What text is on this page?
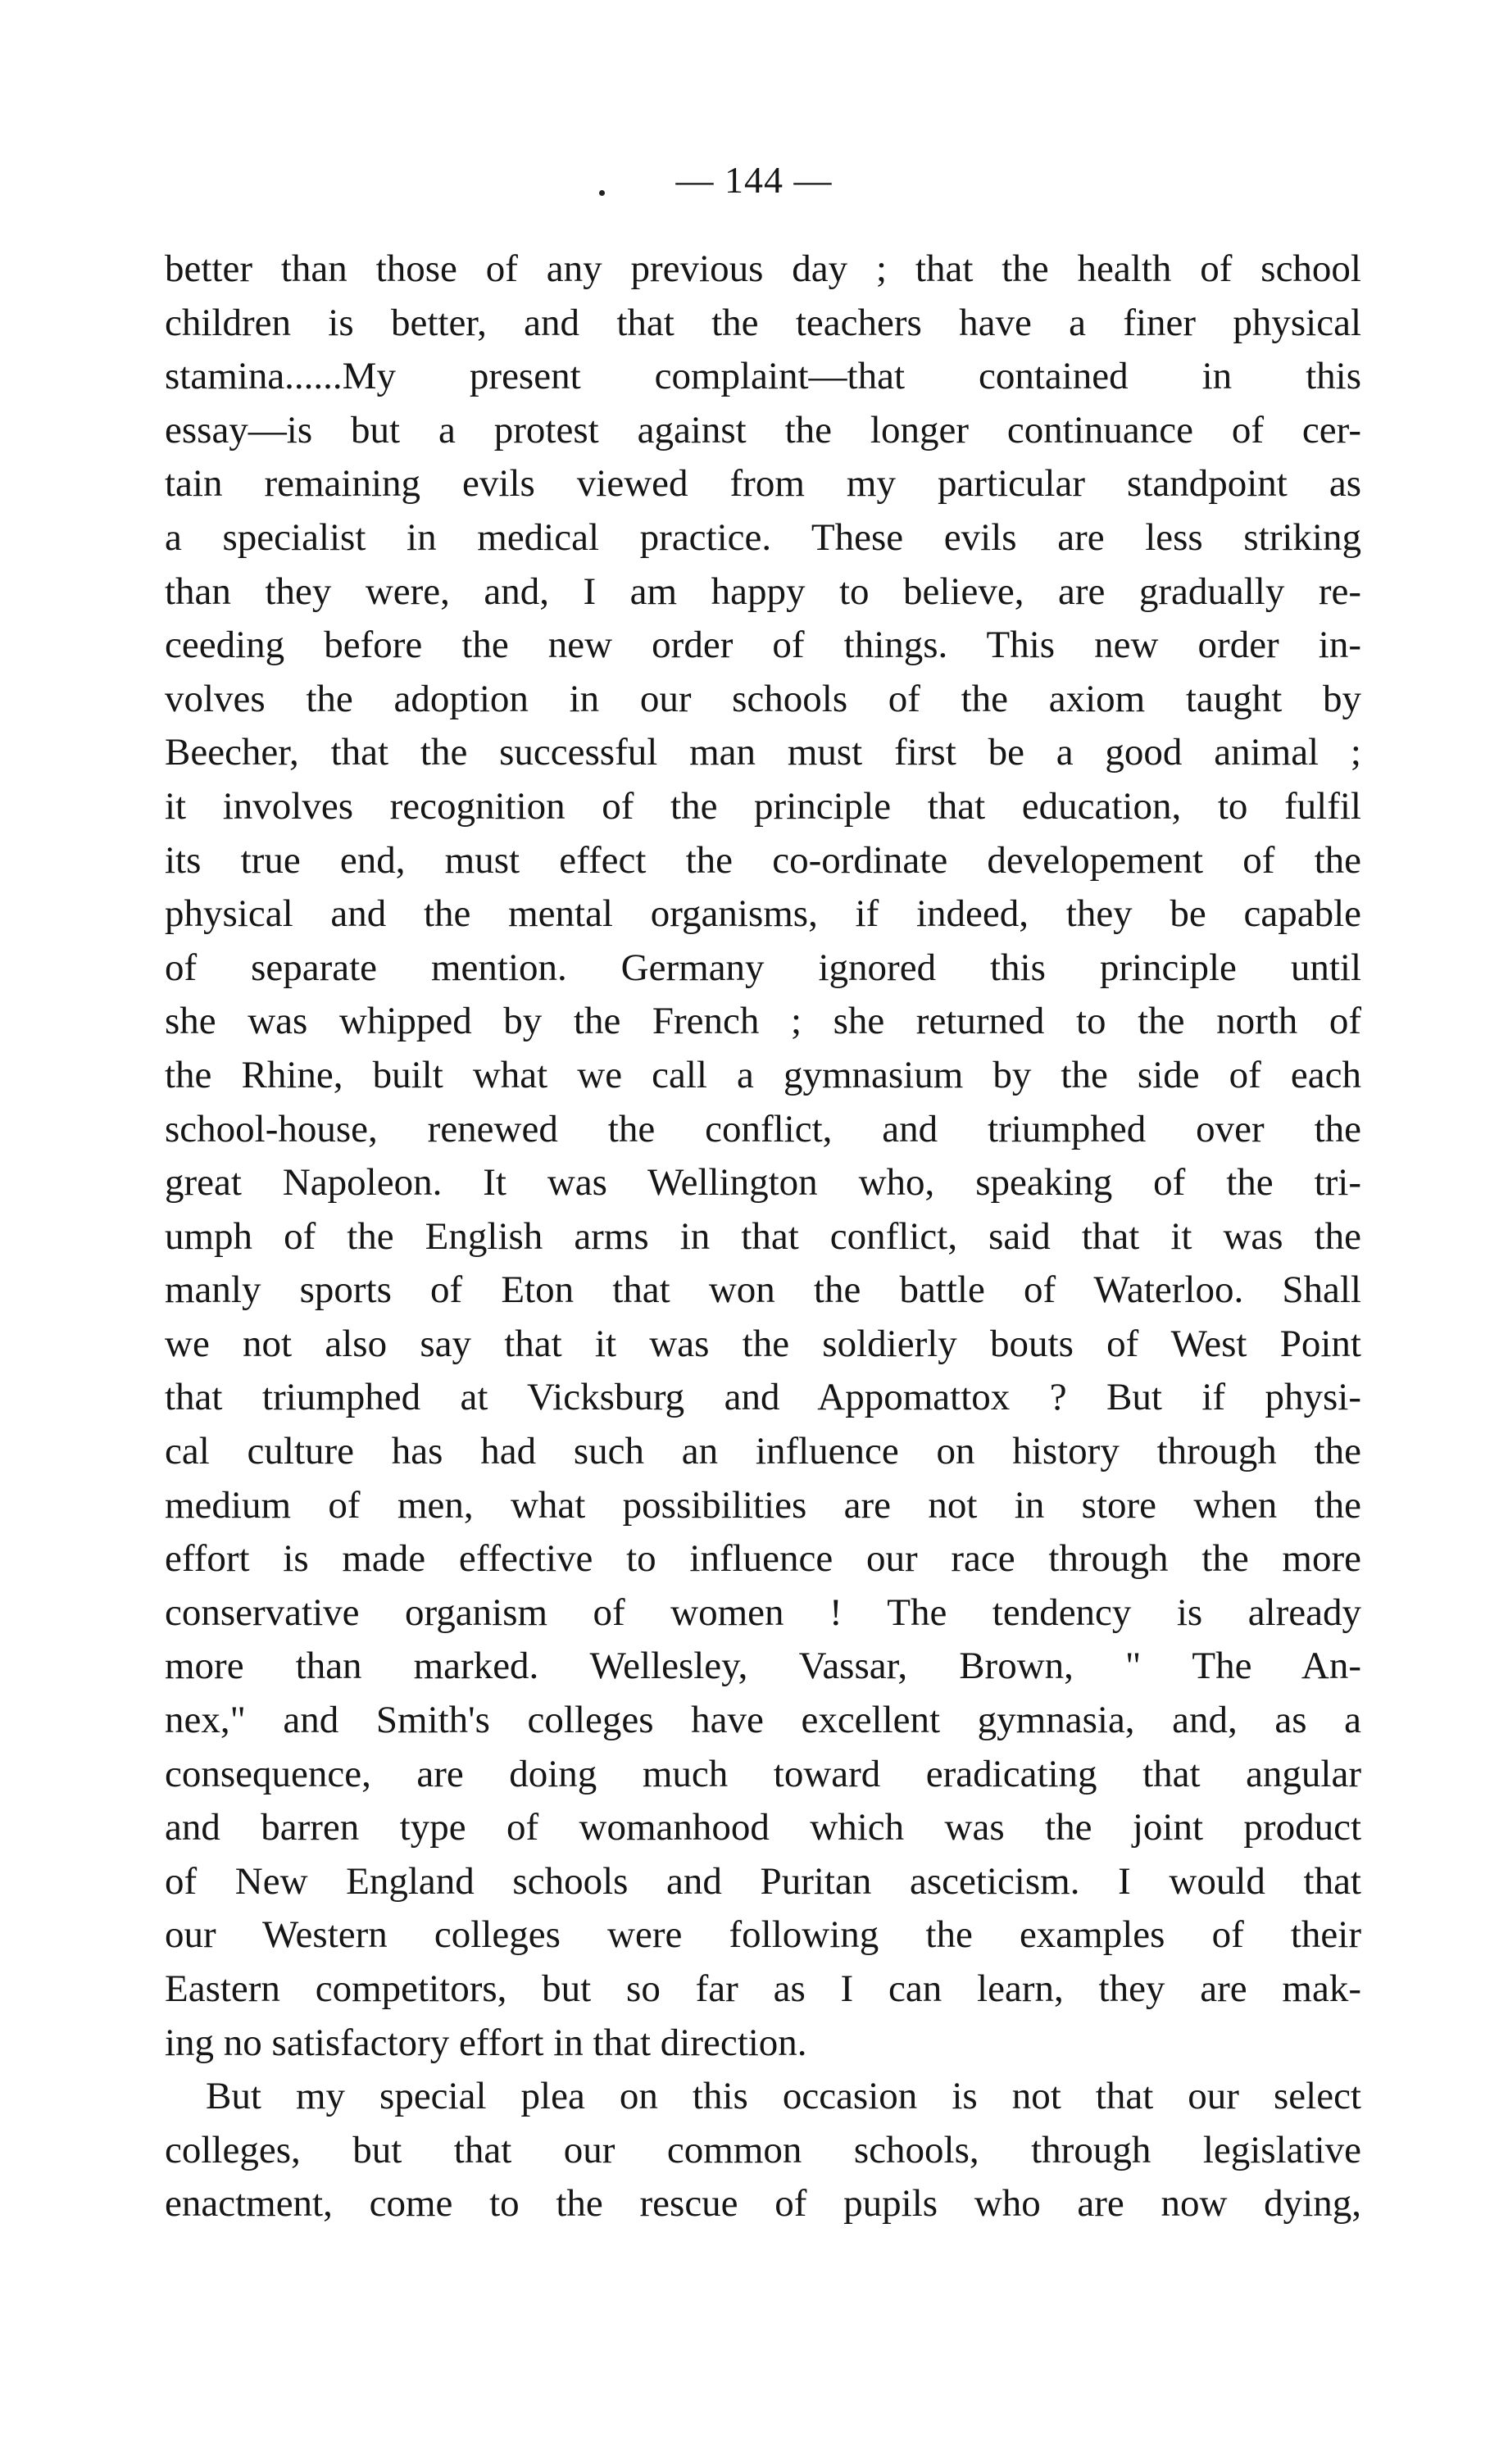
— 144 —
better than those of any previous day ; that the health of school
children is better, and that the teachers have a finer physical
stamina......My present complaint—that contained in this
essay—is but a protest against the longer continuance of cer-
tain remaining evils viewed from my particular standpoint as
a specialist in medical practice. These evils are less striking
than they were, and, I am happy to believe, are gradually re-
ceeding before the new order of things. This new order in-
volves the adoption in our schools of the axiom taught by
Beecher, that the successful man must first be a good animal ;
it involves recognition of the principle that education, to fulfil
its true end, must effect the co-ordinate developement of the
physical and the mental organisms, if indeed, they be capable
of separate mention. Germany ignored this principle until
she was whipped by the French ; she returned to the north of
the Rhine, built what we call a gymnasium by the side of each
school-house, renewed the conflict, and triumphed over the
great Napoleon. It was Wellington who, speaking of the tri-
umph of the English arms in that conflict, said that it was the
manly sports of Eton that won the battle of Waterloo. Shall
we not also say that it was the soldierly bouts of West Point
that triumphed at Vicksburg and Appomattox ? But if physi-
cal culture has had such an influence on history through the
medium of men, what possibilities are not in store when the
effort is made effective to influence our race through the more
conservative organism of women ! The tendency is already
more than marked. Wellesley, Vassar, Brown, " The An-
nex," and Smith's colleges have excellent gymnasia, and, as a
consequence, are doing much toward eradicating that angular
and barren type of womanhood which was the joint product
of New England schools and Puritan asceticism. I would that
our Western colleges were following the examples of their
Eastern competitors, but so far as I can learn, they are mak-
ing no satisfactory effort in that direction.
But my special plea on this occasion is not that our select
colleges, but that our common schools, through legislative
enactment, come to the rescue of pupils who are now dying,
